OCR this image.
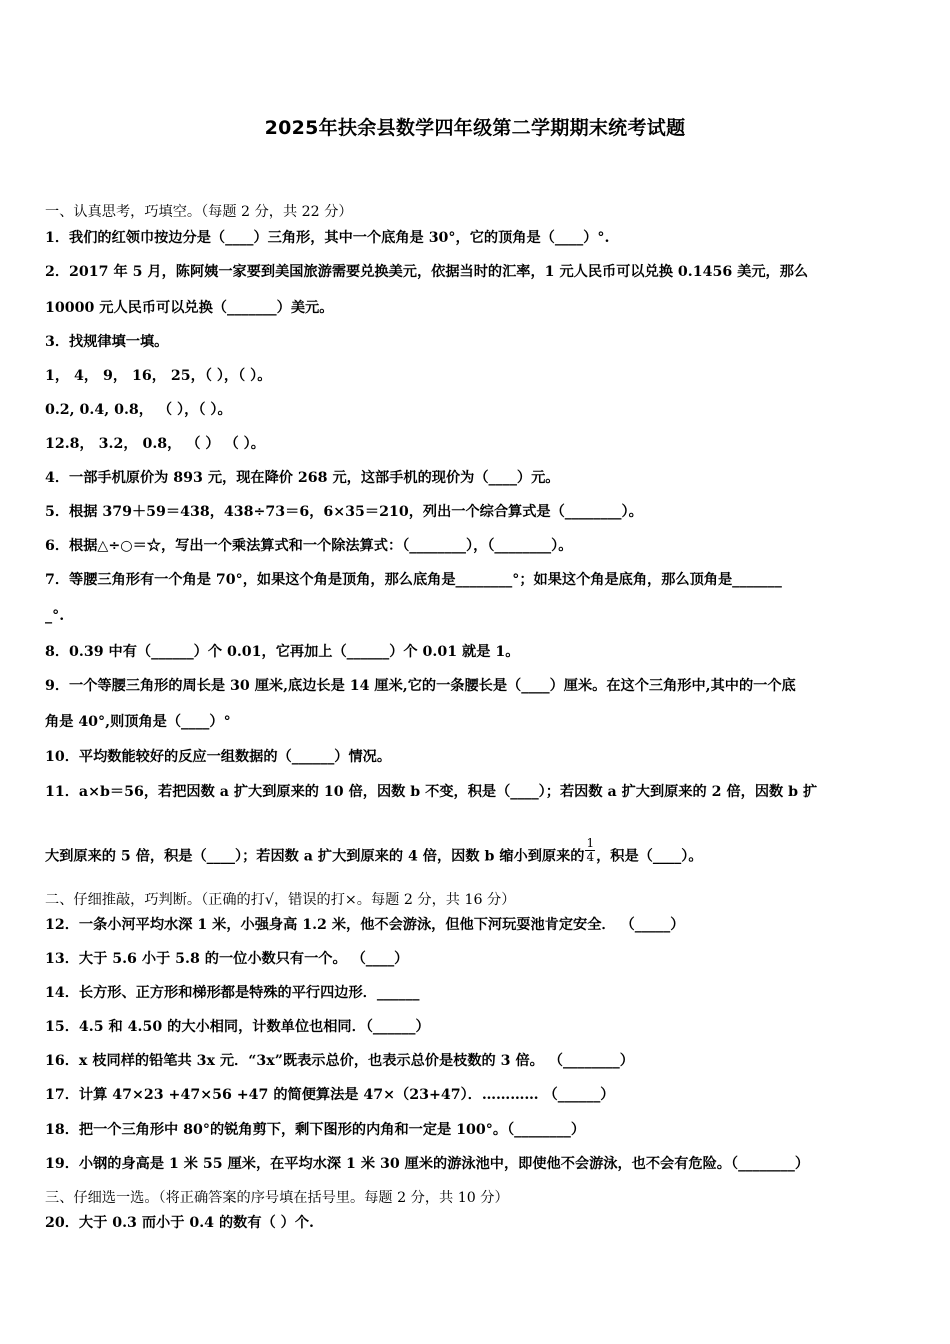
2025年扶余县数学四年级第二学期期末统考试题
一、认真思考，巧填空。（每题 2 分，共 22 分）
1．我们的红领巾按边分是（____）三角形，其中一个底角是 30°，它的顶角是（____）°.
2．2017 年 5 月，陈阿姨一家要到美国旅游需要兑换美元，依据当时的汇率，1 元人民币可以兑换 0.1456 美元，那么
10000 元人民币可以兑换（_______）美元。
3．找规律填一填。
1， 4， 9， 16， 25，（ ），（ ）。
0.2, 0.4, 0.8， （ ），（ ）。
12.8， 3.2， 0.8， （ ） （ ）。
4．一部手机原价为 893 元，现在降价 268 元，这部手机的现价为（____）元。
5．根据 379＋59＝438，438÷73＝6，6×35＝210，列出一个综合算式是（________）。
6．根据△÷○＝☆，写出一个乘法算式和一个除法算式：（________），（________）。
7．等腰三角形有一个角是 70°，如果这个角是顶角，那么底角是________°；如果这个角是底角，那么顶角是_______
_°.
8．0.39 中有（______）个 0.01，它再加上（______）个 0.01 就是 1。
9．一个等腰三角形的周长是 30 厘米,底边长是 14 厘米,它的一条腰长是（____）厘米。在这个三角形中,其中的一个底
角是 40°,则顶角是（____）°
10．平均数能较好的反应一组数据的（______）情况。
11．a×b＝56，若把因数 a 扩大到原来的 10 倍，因数 b 不变，积是（____）；若因数 a 扩大到原来的 2 倍，因数 b 扩
大到原来的 5 倍，积是（____）；若因数 a 扩大到原来的 4 倍，因数 b 缩小到原来的 $\frac{1}{4}$ ，积是（____）。
二、仔细推敲，巧判断。（正确的打√，错误的打×。每题 2 分，共 16 分）
12．一条小河平均水深 1 米，小强身高 1.2 米，他不会游泳，但他下河玩耍池肯定安全． （_____）
13．大于 5.6 小于 5.8 的一位小数只有一个。 （____）
14．长方形、正方形和梯形都是特殊的平行四边形．______
15．4.5 和 4.50 的大小相同，计数单位也相同．（______）
16．x 枝同样的铅笔共 3x 元．“3x”既表示总价，也表示总价是枝数的 3 倍。 （________）
17．计算 47×23 +47×56 +47 的简便算法是 47×（23+47）．………… （______）
18．把一个三角形中 80°的锐角剪下，剩下图形的内角和一定是 100°。（________）
19．小钢的身高是 1 米 55 厘米，在平均水深 1 米 30 厘米的游泳池中，即使他不会游泳，也不会有危险。（________）
三、仔细选一选。（将正确答案的序号填在括号里。每题 2 分，共 10 分）
20．大于 0.3 而小于 0.4 的数有（ ）个.
